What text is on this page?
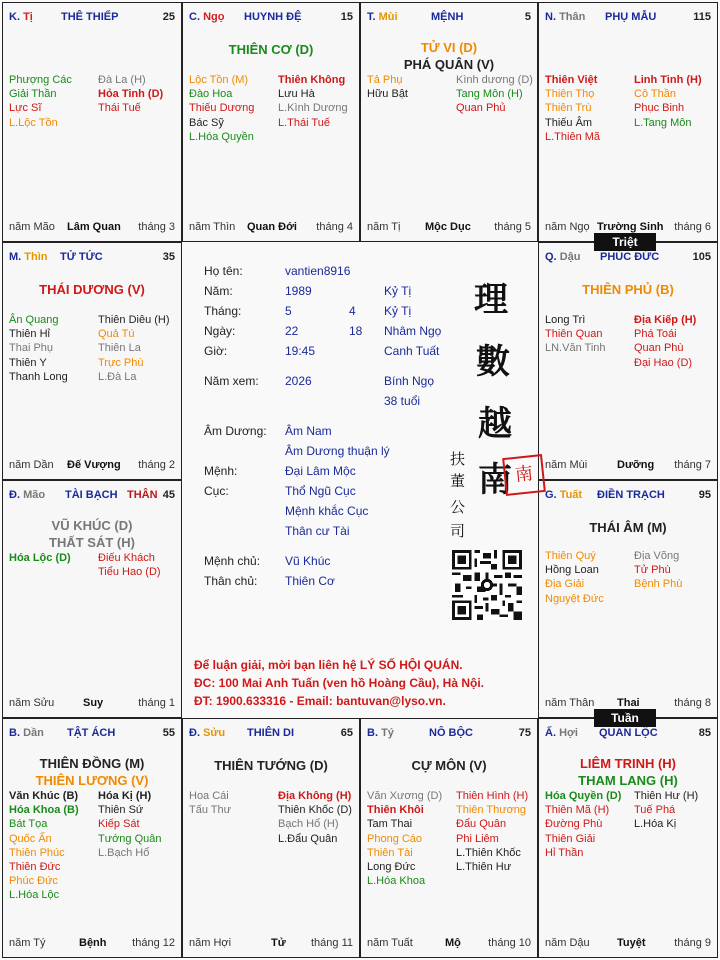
K. Tị	THÊ THIẾP	25
Phượng Các
Giải Thần
Lực Sĩ
L.Lộc Tồn
Đà La (H)
Hỏa Tinh (D)
Thái Tuế
năm Mão Lâm Quan tháng 3
C. Ngọ HUYNH ĐỆ	15
THIÊN CƠ (D)
Lộc Tồn (M)
Đào Hoa
Thiếu Dương
Bác Sỹ
L.Hóa Quyền
Thiên Không
Lưu Hà
L.Kình Dương
L.Thái Tuế
năm Thìn Quan Đới tháng 4
T. Mùi	MỆNH	5
TỬ VI (D)
PHÁ QUÂN (V)
Tả Phụ
Hữu Bật
Kình dương (D)
Tang Môn (H)
Quan Phủ
năm Tị Mộc Dục tháng 5
N. Thân PHỤ MẪU	115
Thiên Việt
Thiên Thọ
Thiên Trù
Thiếu Âm
L.Thiên Mã
Linh Tinh (H)
Cô Thần
Phục Binh
L.Tang Môn
năm Ngọ Trường Sinh tháng 6
Q. Dậu PHÚC ĐỨC	105
THIÊN PHỦ (B)
Long Trì
Thiên Quan
LN.Văn Tinh
Địa Kiếp (H)
Phá Toái
Quan Phù
Đại Hao (D)
năm Mùi	Dưỡng tháng 7
G. Tuất ĐIỀN TRẠCH	95
THÁI ÂM (M)
Thiên Quý
Hồng Loan
Địa Giải
Nguyệt Đức
Địa Võng
Tử Phù
Bệnh Phù
năm Thân Thai	tháng 8
Ấ. Hợi QUAN LỘC	85
LIÊM TRINH (H)
THAM LANG (H)
Hóa Quyền (D)
Thiên Mã (H)
Đường Phù
Thiên Giải
Hỉ Thần
Thiên Hư (H)
Tuế Phá
L.Hóa Kị
năm Dậu Tuyệt	tháng 9
B. Tý	NÔ BỘC	75
CỰ MÔN (V)
Văn Xương (D)
Thiên Khôi
Tam Thai
Phong Cáo
Thiên Tài
Long Đức
L.Hóa Khoa
Thiên Hình (H)
Thiên Thương
Đẩu Quân
Phi Liêm
L.Thiên Khốc
L.Thiên Hư
năm Tuất	Mộ tháng 10
Đ. Sửu THIÊN DI	65
THIÊN TƯỚNG (D)
Hoa Cái
Tấu Thư
Địa Không (H)
Thiên Khốc (D)
Bạch Hổ (H)
L.Đẩu Quân
năm Hợi	Tử tháng 11
B. Dần TẬT ÁCH	55
THIÊN ĐỒNG (M)
THIÊN LƯƠNG (V)
Văn Khúc (B)
Hóa Khoa (B)
Bát Tọa
Quốc Ấn
Thiên Phúc
Thiên Đức
Phúc Đức
L.Hóa Lộc
Hóa Kị (H)
Thiên Sứ
Kiếp Sát
Tướng Quân
L.Bạch Hổ
năm Tý	Bệnh tháng 12
Đ. Mão TÀI BẠCH THÂN 45
VŨ KHÚC (D)
THẤT SÁT (H)
Hóa Lộc (D) Điếu Khách
Tiểu Hao (D)
năm Sửu	Suy	tháng 1
M. Thìn TỬ TỨC	35
THÁI DƯƠNG (V)
Ân Quang
Thiên Hỉ
Thai Phụ
Thiên Y
Thanh Long
Thiên Diêu (H)
Quả Tú
Thiên La
Trực Phù
L.Đà La
năm Dần Đế Vượng tháng 2
Họ tên:	vantien8916
Năm:	1989	Kỷ Tị
Tháng:	5	4 Kỷ Tị
Ngày:	22	18 Nhâm Ngọ
Giờ:	19:45	Canh Tuất
Năm xem: 2026	Bính Ngọ
38 tuổi
Âm Dương: Âm Nam
Âm Dương thuận lý
Mệnh:	Đại Lâm Mộc
Cục:	Thổ Ngũ Cục
Mệnh khắc Cục
Thân cư Tài
Mệnh chủ: Vũ Khúc
Thân chủ: Thiên Cơ
Để luận giải, mời bạn liên hệ LÝ SỐ HỘI QUÁN.
ĐC: 100 Mai Anh Tuấn (ven hồ Hoàng Cầu), Hà Nội.
ĐT: 1900.633316 - Email: bantuvan@lyso.vn.
理
數
越
南 南
扶
董
公
司
Triệt
Tuần
